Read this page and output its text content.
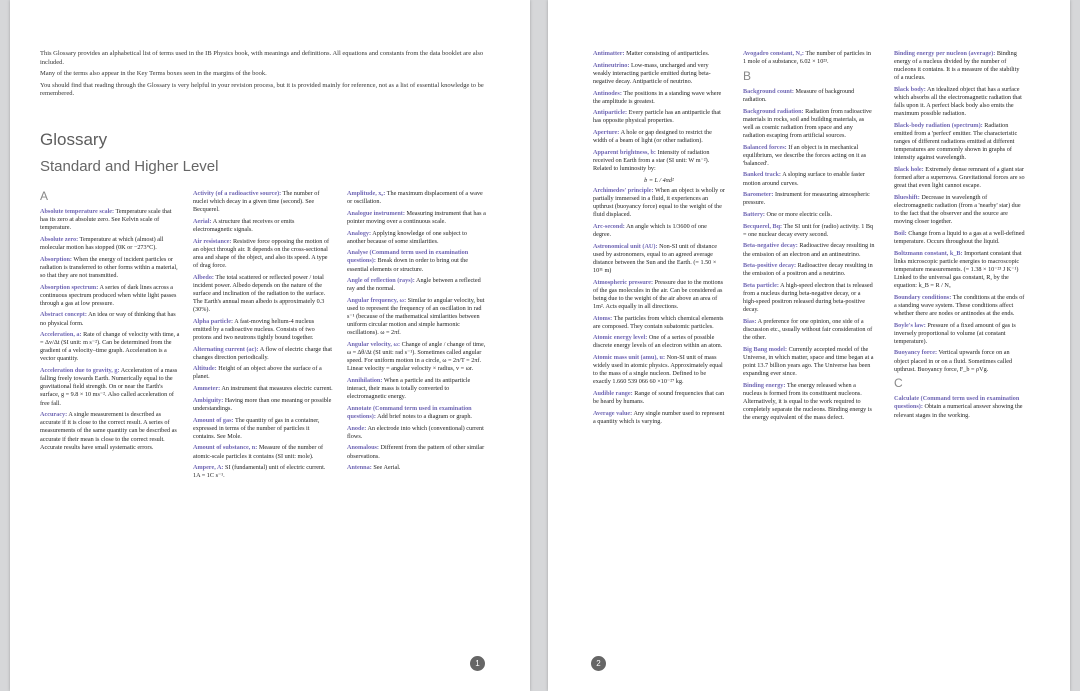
This Glossary provides an alphabetical list of terms used in the IB Physics book, with meanings and definitions. All equations and constants from the data booklet are also included.

Many of the terms also appear in the Key Terms boxes seen in the margins of the book.

You should find that reading through the Glossary is very helpful in your revision process, but it is provided mainly for reference, not as a list of essential knowledge to be remembered.

Glossary
Standard and Higher Level
A

Absolute temperature scale: Temperature scale that has its zero at absolute zero. See Kelvin scale of temperature.

Absolute zero: Temperature at which (almost) all molecular motion has stopped (0K or −273°C).

Absorption: When the energy of incident particles or radiation is transferred to other forms within a material, so that they are not transmitted.

Absorption spectrum: A series of dark lines across a continuous spectrum produced when white light passes through a gas at low pressure.

Abstract concept: An idea or way of thinking that has no physical form.

Acceleration, a: Rate of change of velocity with time, a = Δv/Δt (SI unit: m s⁻²). Can be determined from the gradient of a velocity–time graph. Acceleration is a vector quantity.

Acceleration due to gravity, g: Acceleration of a mass falling freely towards Earth. Numerically equal to the gravitational field strength. On or near the Earth's surface, g = 9.8 × 10 ms⁻². Also called acceleration of free fall.

Accuracy: A single measurement is described as accurate if it is close to the correct result. A series of measurements of the same quantity can be described as accurate if their mean is close to the correct result. Accurate results have small systematic errors.

Activity (of a radioactive source): The number of nuclei which decay in a given time (second). See Becquerel.

Aerial: A structure that receives or emits electromagnetic signals.

Air resistance: Resistive force opposing the motion of an object through air. It depends on the cross-sectional area and shape of the object, and also its speed. A type of drag force.

Albedo: The total scattered or reflected power / total incident power. Albedo depends on the nature of the surface and inclination of the radiation to the surface. The Earth's annual mean albedo is approximately 0.3 (30%).

Alpha particle: A fast-moving helium-4 nucleus emitted by a radioactive nucleus. Consists of two protons and two neutrons tightly bound together.

Alternating current (ac): A flow of electric charge that changes direction periodically.

Altitude: Height of an object above the surface of a planet.

Ammeter: An instrument that measures electric current.

Ambiguity: Having more than one meaning or possible understandings.

Amount of gas: The quantity of gas in a container, expressed in terms of the number of particles it contains. See Mole.

Amount of substance, n: Measure of the number of atomic-scale particles it contains (SI unit: mole).

Ampere, A: SI (fundamental) unit of electric current. 1A = 1C s⁻¹.

Amplitude, x₀: The maximum displacement of a wave or oscillation.

Analogue instrument: Measuring instrument that has a pointer moving over a continuous scale.

Analogy: Applying knowledge of one subject to another because of some similarities.

Analyse (Command term used in examination questions): Break down in order to bring out the essential elements or structure.

Angle of reflection (rays): Angle between a reflected ray and the normal.

Angular frequency, ω: Similar to angular velocity, but used to represent the frequency of an oscillation in rad s⁻¹ (because of the mathematical similarities between uniform circular motion and simple harmonic oscillations). ω = 2πf.

Angular velocity, ω: Change of angle / change of time, ω = Δθ/Δt (SI unit: rad s⁻¹). Sometimes called angular speed. For uniform motion in a circle, ω = 2π/T = 2πf. Linear velocity = angular velocity × radius, v = ωr.

Annihilation: When a particle and its antiparticle interact, their mass is totally converted to electromagnetic energy.

Annotate (Command term used in examination questions): Add brief notes to a diagram or graph.

Anode: An electrode into which (conventional) current flows.

Anomalous: Different from the pattern of other similar observations.

Antenna: See Aerial.

1

Antimatter: Matter consisting of antiparticles.

Antineutrino: Low-mass, uncharged and very weakly interacting particle emitted during beta-negative decay. Antiparticle of neutrino.

Antinodes: The positions in a standing wave where the amplitude is greatest.

Antiparticle: Every particle has an antiparticle that has opposite physical properties.

Aperture: A hole or gap designed to restrict the width of a beam of light (or other radiation).

Apparent brightness, b: Intensity of radiation received on Earth from a star (SI unit: W m⁻²). Related to luminosity by:

b = L / 4πd²

Archimedes' principle: When an object is wholly or partially immersed in a fluid, it experiences an upthrust (buoyancy force) equal to the weight of the fluid displaced.

Arc-second: An angle which is 1/3600 of one degree.

Astronomical unit (AU): Non-SI unit of distance used by astronomers, equal to an agreed average distance between the Sun and the Earth. (= 1.50 × 10¹¹ m)

Atmospheric pressure: Pressure due to the motions of the gas molecules in the air. Can be considered as being due to the weight of the air above an area of 1m². Acts equally in all directions.

Atoms: The particles from which chemical elements are composed. They contain subatomic particles.

Atomic energy level: One of a series of possible discrete energy levels of an electron within an atom.

Atomic mass unit (amu), u: Non-SI unit of mass widely used in atomic physics. Approximately equal to the mass of a single nucleon. Defined to be exactly 1.660 539 066 60 ×10⁻²⁷ kg.

Audible range: Range of sound frequencies that can be heard by humans.

Average value: Any single number used to represent a quantity which is varying.

Avogadro constant, Nₐ: The number of particles in 1 mole of a substance, 6.02 × 10²³.

B

Background count: Measure of background radiation.

Background radiation: Radiation from radioactive materials in rocks, soil and building materials, as well as cosmic radiation from space and any radiation escaping from artificial sources.

Balanced forces: If an object is in mechanical equilibrium, we describe the forces acting on it as 'balanced'.

Banked track: A sloping surface to enable faster motion around curves.

Barometer: Instrument for measuring atmospheric pressure.

Battery: One or more electric cells.

Becquerel, Bq: The SI unit for (radio) activity. 1 Bq = one nuclear decay every second.

Beta-negative decay: Radioactive decay resulting in the emission of an electron and an antineutrino.

Beta-positive decay: Radioactive decay resulting in the emission of a positron and a neutrino.

Beta particle: A high-speed electron that is released from a nucleus during beta-negative decay, or a high-speed positron released during beta-positive decay.

Bias: A preference for one opinion, one side of a discussion etc., usually without fair consideration of the other.

Big Bang model: Currently accepted model of the Universe, in which matter, space and time began at a point 13.7 billion years ago. The Universe has been expanding ever since.

Binding energy: The energy released when a nucleus is formed from its constituent nucleons. Alternatively, it is equal to the work required to completely separate the nucleons. Binding energy is the energy equivalent of the mass defect.

Binding energy per nucleon (average): Binding energy of a nucleus divided by the number of nucleons it contains. It is a measure of the stability of a nucleus.

Black body: An idealized object that has a surface which absorbs all the electromagnetic radiation that falls upon it. A perfect black body also emits the maximum possible radiation.

Black-body radiation (spectrum): Radiation emitted from a 'perfect' emitter. The characteristic ranges of different radiations emitted at different temperatures are commonly shown in graphs of intensity against wavelength.

Black hole: Extremely dense remnant of a giant star formed after a supernova. Gravitational forces are so great that even light cannot escape.

Blueshift: Decrease in wavelength of electromagnetic radiation (from a 'nearby' star) due to the fact that the observer and the source are moving closer together.

Boil: Change from a liquid to a gas at a well-defined temperature. Occurs throughout the liquid.

Boltzmann constant, k_B: Important constant that links microscopic particle energies to macroscopic temperature measurements. (= 1.38 × 10⁻²³ J K⁻¹) Linked to the universal gas constant, R, by the equation: k_B = R / Nₐ

Boundary conditions: The conditions at the ends of a standing wave system. These conditions affect whether there are nodes or antinodes at the ends.

Boyle's law: Pressure of a fixed amount of gas is inversely proportional to volume (at constant temperature).

Buoyancy force: Vertical upwards force on an object placed in or on a fluid. Sometimes called upthrust. Buoyancy force, F_b = ρVg.

C

Calculate (Command term used in examination questions): Obtain a numerical answer showing the relevant stages in the working.

2
